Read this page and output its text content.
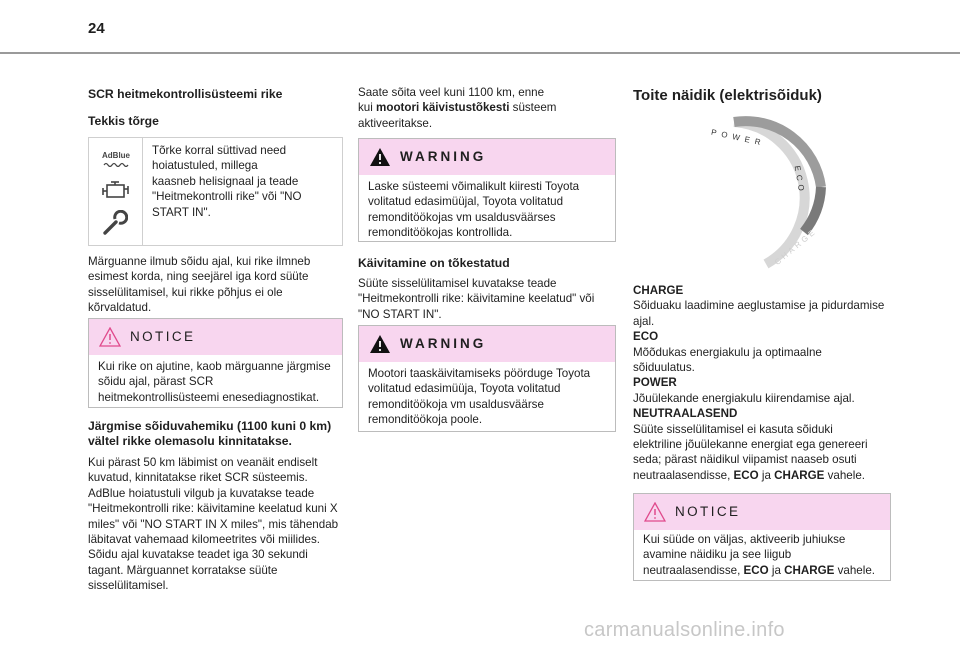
24
SCR heitmekontrollisüsteemi rike
Tekkis tõrge
AdBlue	Tõrke korral süttivad need
hoiatustuled, millega
kaasneb helisignaal ja teade
"Heitmekontrolli rike" või "NO
START IN".
Märguanne ilmub sõidu ajal, kui rike ilmneb
esimest korda, ning seejärel iga kord süüte
sisselülitamisel, kui rikke põhjus ei ole
kõrvaldatud.
NOTICE
Kui rike on ajutine, kaob märguanne järgmise
sõidu ajal, pärast SCR
heitmekontrollisüsteemi enesediagnostikat.
Järgmise sõiduvahemiku (1100 kuni 0 km)
vältel rikke olemasolu kinnitatakse.
Kui pärast 50 km läbimist on veanäit endiselt
kuvatud, kinnitatakse riket SCR süsteemis.
AdBlue hoiatustuli vilgub ja kuvatakse teade
"Heitmekontrolli rike: käivitamine keelatud kuni X
miles" või "NO START IN X miles", mis tähendab
läbitavat vahemaad kilomeetrites või miilides.
Sõidu ajal kuvatakse teadet iga 30 sekundi
tagant. Märguannet korratakse süüte
sisselülitamisel.
Saate sõita veel kuni 1100 km, enne
kui mootori käivistustõkesti süsteem
aktiveeritakse.
WARNING
Laske süsteemi võimalikult kiiresti Toyota
volitatud edasimüüjal, Toyota volitatud
remonditöökojas vm usaldusväärses
remonditöökojas kontrollida.
Käivitamine on tõkestatud
Süüte sisselülitamisel kuvatakse teade
"Heitmekontrolli rike: käivitamine keelatud" või
"NO START IN".
WARNING
Mootori taaskäivitamiseks pöörduge Toyota
volitatud edasimüüja, Toyota volitatud
remonditöökoja vm usaldusväärse
remonditöökoja poole.
Toite näidik (elektrisõiduk)
POWER
ECO
CHARGE
CHARGE
Sõiduaku laadimine aeglustamise ja pidurdamise
ajal.
ECO
Mõõdukas energiakulu ja optimaalne
sõiduulatus.
POWER
Jõuülekande energiakulu kiirendamise ajal.
NEUTRAALASEND
Süüte sisselülitamisel ei kasuta sõiduki
elektriline jõuülekanne energiat ega genereeri
seda; pärast näidikul viipamist naaseb osuti
neutraalasendisse, ECO ja CHARGE vahele.
NOTICE
Kui süüde on väljas, aktiveerib juhiukse
avamine näidiku ja see liigub
neutraalasendisse, ECO ja CHARGE vahele.
carmanualsonline.info
